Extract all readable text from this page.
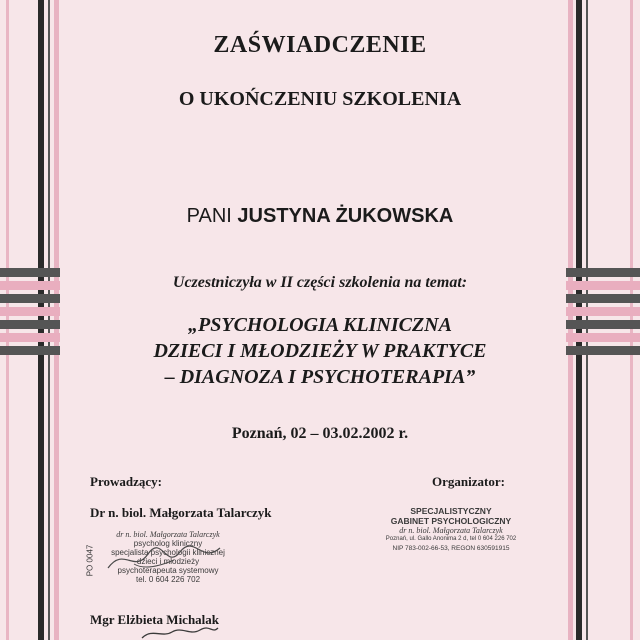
ZAŚWIADCZENIE
O UKOŃCZENIU SZKOLENIA
PANI JUSTYNA ŻUKOWSKA
Uczestniczyła w II części szkolenia na temat:
„PSYCHOLOGIA KLINICZNA
DZIECI I MŁODZIEŻY W PRAKTYCE
– DIAGNOZA I PSYCHOTERAPIA”
Poznań, 02 – 03.02.2002 r.
Prowadzący:
Dr n. biol. Małgorzata Talarczyk
PO 0047
dr n. biol. Małgorzata Talarczyk
psycholog kliniczny
specjalista psychologii klinicznej
dzieci i młodzieży
psychoterapeuta systemowy
tel. 0 604 226 702
Mgr Elżbieta Michalak
Organizator:
SPECJALISTYCZNY
GABINET PSYCHOLOGICZNY
dr n. biol. Małgorzata Talarczyk
Poznań, ul. Gallo Anonima 2 d, tel 0 604 226 702
NIP 783-002-66-53, REGON 630591915
